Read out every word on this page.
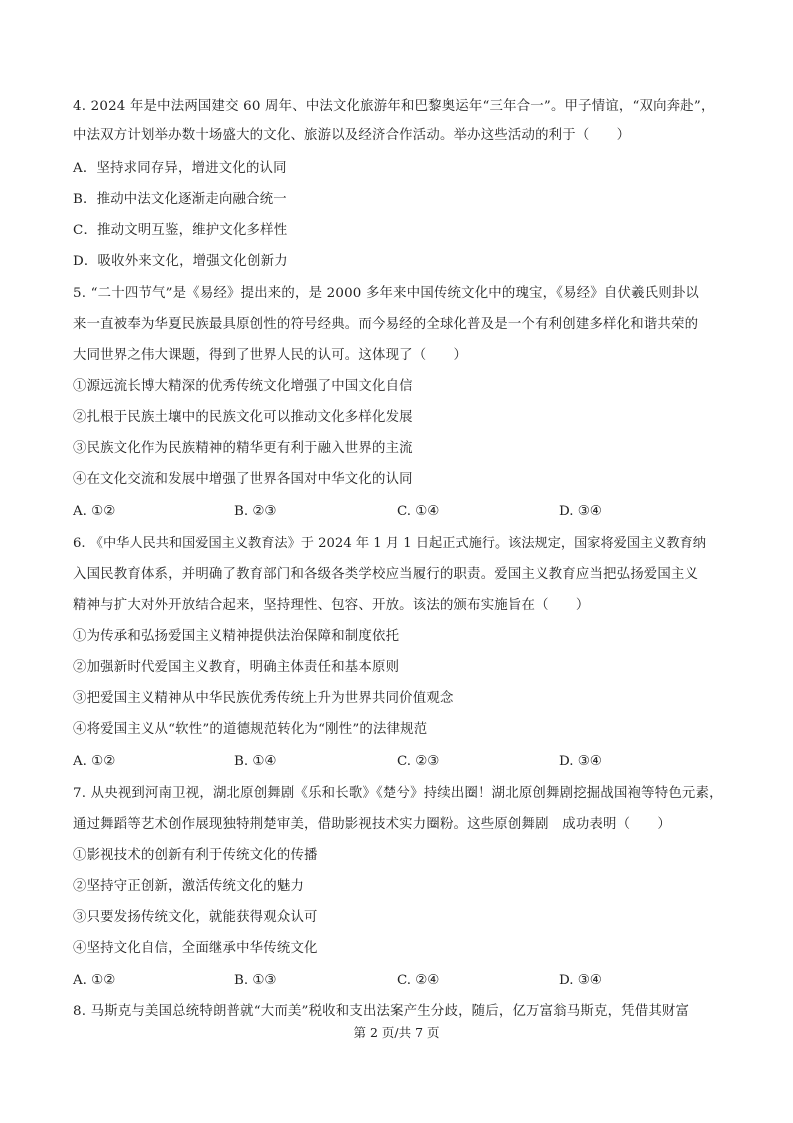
4. 2024 年是中法两国建交 60 周年、中法文化旅游年和巴黎奥运年“三年合一”。甲子情谊，“双向奔赴”，
中法双方计划举办数十场盛大的文化、旅游以及经济合作活动。举办这些活动的利于（　　）
A．坚持求同存异，增进文化的认同
B．推动中法文化逐渐走向融合统一
C．推动文明互鉴，维护文化多样性
D．吸收外来文化，增强文化创新力
5. “二十四节气”是《易经》提出来的，是 2000 多年来中国传统文化中的瑰宝，《易经》自伏羲氏则卦以
来一直被奉为华夏民族最具原创性的符号经典。而今易经的全球化普及是一个有利创建多样化和谐共荣的
大同世界之伟大课题，得到了世界人民的认可。这体现了（　　）
①源远流长博大精深的优秀传统文化增强了中国文化自信
②扎根于民族土壤中的民族文化可以推动文化多样化发展
③民族文化作为民族精神的精华更有利于融入世界的主流
④在文化交流和发展中增强了世界各国对中华文化的认同
A. ①②	B. ②③	C. ①④	D. ③④
6. 《中华人民共和国爱国主义教育法》于 2024 年 1 月 1 日起正式施行。该法规定，国家将爱国主义教育纳
入国民教育体系，并明确了教育部门和各级各类学校应当履行的职责。爱国主义教育应当把弘扬爱国主义
精神与扩大对外开放结合起来，坚持理性、包容、开放。该法的颁布实施旨在（　　）
①为传承和弘扬爱国主义精神提供法治保障和制度依托
②加强新时代爱国主义教育，明确主体责任和基本原则
③把爱国主义精神从中华民族优秀传统上升为世界共同价值观念
④将爱国主义从“软性”的道德规范转化为“刚性”的法律规范
A. ①②	B. ①④	C. ②③	D. ③④
7. 从央视到河南卫视，湖北原创舞剧《乐和长歌》《楚兮》持续出圈！湖北原创舞剧挖掘战国袍等特色元素，
通过舞蹈等艺术创作展现独特荆楚审美，借助影视技术实力圈粉。这些原创舞剧　成功表明（　　）
①影视技术的创新有利于传统文化的传播
②坚持守正创新，激活传统文化的魅力
③只要发扬传统文化，就能获得观众认可
④坚持文化自信，全面继承中华传统文化
A. ①②	B. ①③	C. ②④	D. ③④
8. 马斯克与美国总统特朗普就“大而美”税收和支出法案产生分歧，随后，亿万富翁马斯克，凭借其财富
第 2 页/共 7 页
